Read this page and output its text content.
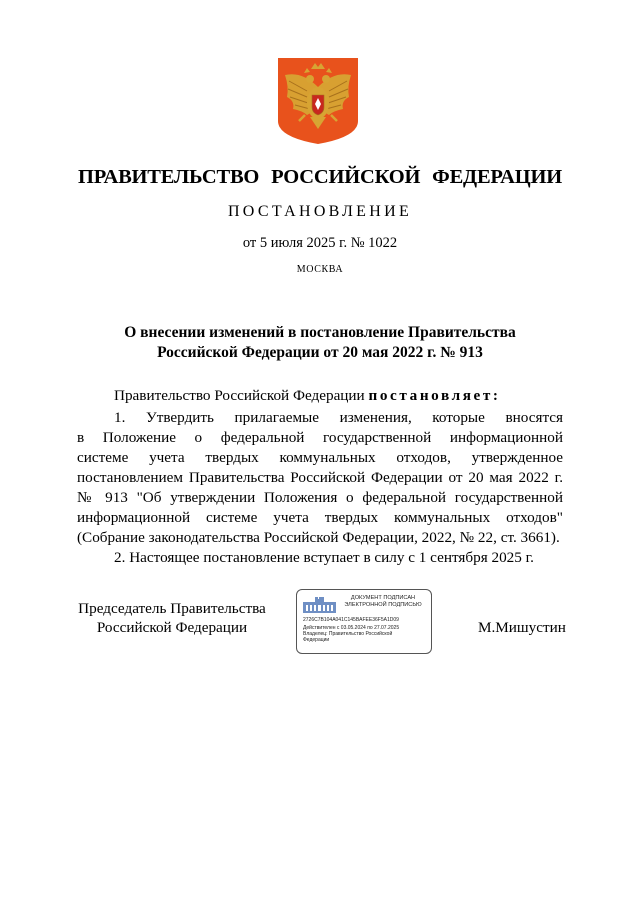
ПРАВИТЕЛЬСТВО РОССИЙСКОЙ ФЕДЕРАЦИИ
ПОСТАНОВЛЕНИЕ
от 5 июля 2025 г. № 1022
МОСКВА
О внесении изменений в постановление Правительства
Российской Федерации от 20 мая 2022 г. № 913
Правительство Российской Федерации постановляет:
1. Утвердить прилагаемые изменения, которые вносятся
в Положение о федеральной государственной информационной
системе учета твердых коммунальных отходов, утвержденное
постановлением Правительства Российской Федерации от 20 мая 2022 г.
№ 913 "Об утверждении Положения о федеральной государственной
информационной системе учета твердых коммунальных отходов"
(Собрание законодательства Российской Федерации, 2022, № 22, ст. 3661).
2. Настоящее постановление вступает в силу с 1 сентября 2025 г.
Председатель Правительства
Российской Федерации
ДОКУМЕНТ ПОДПИСАН
ЭЛЕКТРОННОЙ ПОДПИСЬЮ
2726C7B104A041C145BAFEE36F5A1D09
Действителен с 03.05.2024 по 27.07.2025
Владелец: Правительство Российской
Федерации
М.Мишустин
